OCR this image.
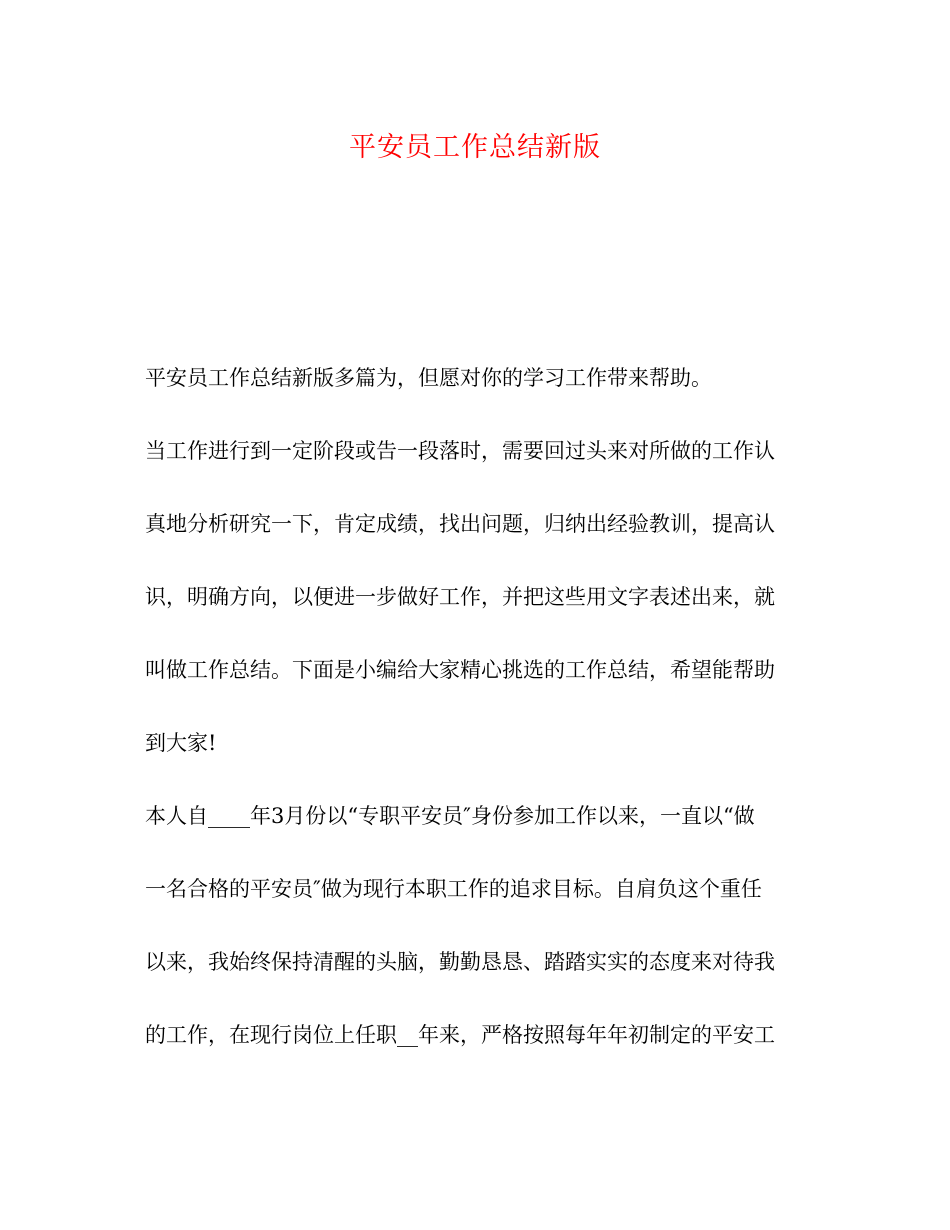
平安员工作总结新版
平安员工作总结新版多篇为，但愿对你的学习工作带来帮助。
当工作进行到一定阶段或告一段落时，需要回过头来对所做的工作认
真地分析研究一下，肯定成绩，找出问题，归纳出经验教训，提高认
识，明确方向，以便进一步做好工作，并把这些用文字表述出来，就
叫做工作总结。下面是小编给大家精心挑选的工作总结，希望能帮助
到大家!
本人自____年3月份以“专职平安员″身份参加工作以来，一直以“做
一名合格的平安员″做为现行本职工作的追求目标。自肩负这个重任
以来，我始终保持清醒的头脑，勤勤恳恳、踏踏实实的态度来对待我
的工作，在现行岗位上任职__年来，严格按照每年年初制定的平安工
